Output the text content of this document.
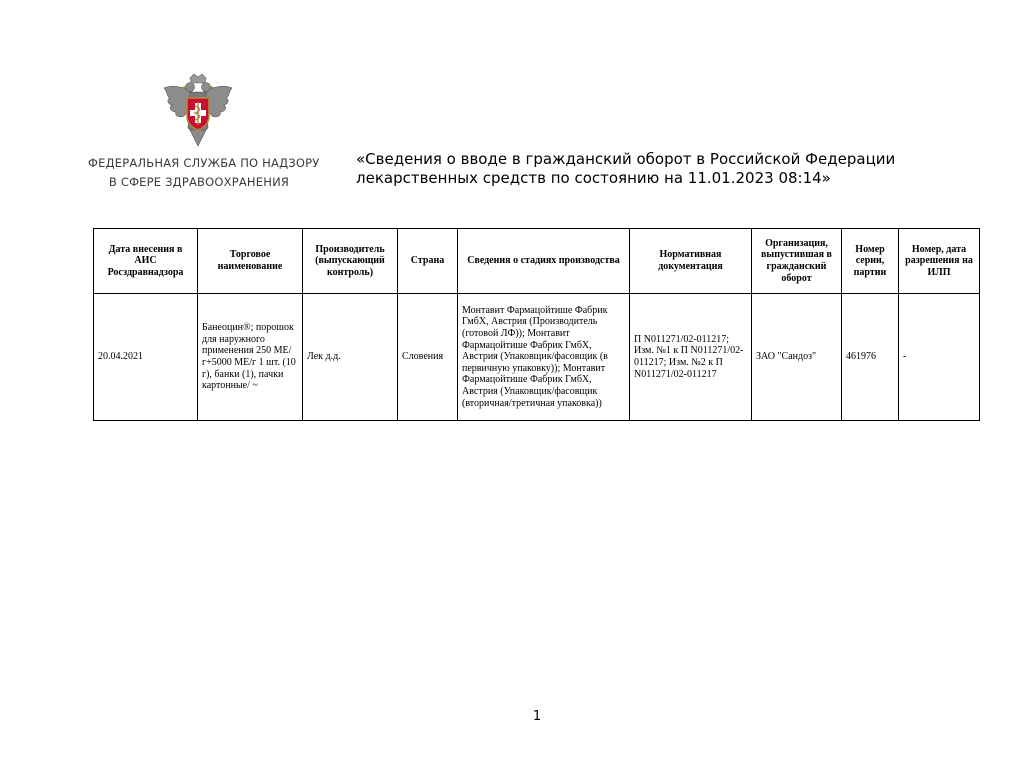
ФЕДЕРАЛЬНАЯ СЛУЖБА ПО НАДЗОРУ
В СФЕРЕ ЗДРАВООХРАНЕНИЯ
«Сведения о вводе в гражданский оборот в Российской Федерации
лекарственных средств по состоянию на 11.01.2023 08:14»
Дата внесения в АИС Росздравнадзора	Торговое наименование	Производитель (выпускающий контроль)	Страна	Сведения о стадиях производства	Нормативная документация	Организация, выпустившая в гражданский оборот	Номер серии, партии	Номер, дата разрешения на ИЛП
20.04.2021	Банеоцин®; порошок для наружного применения 250 МЕ/г+5000 МЕ/г 1 шт. (10 г), банки (1), пачки картонные/ ~	Лек д.д.	Словения	Монтавит Фармацойтише Фабрик ГмбХ, Австрия (Производитель (готовой ЛФ)); Монтавит Фармацойтише Фабрик ГмбХ, Австрия (Упаковщик/фасовщик (в первичную упаковку)); Монтавит Фармацойтише Фабрик ГмбХ, Австрия (Упаковщик/фасовщик (вторичная/третичная упаковка))	П N011271/02-011217; Изм. №1 к П N011271/02-011217; Изм. №2 к П N011271/02-011217	ЗАО "Сандоз"	461976	-
1
